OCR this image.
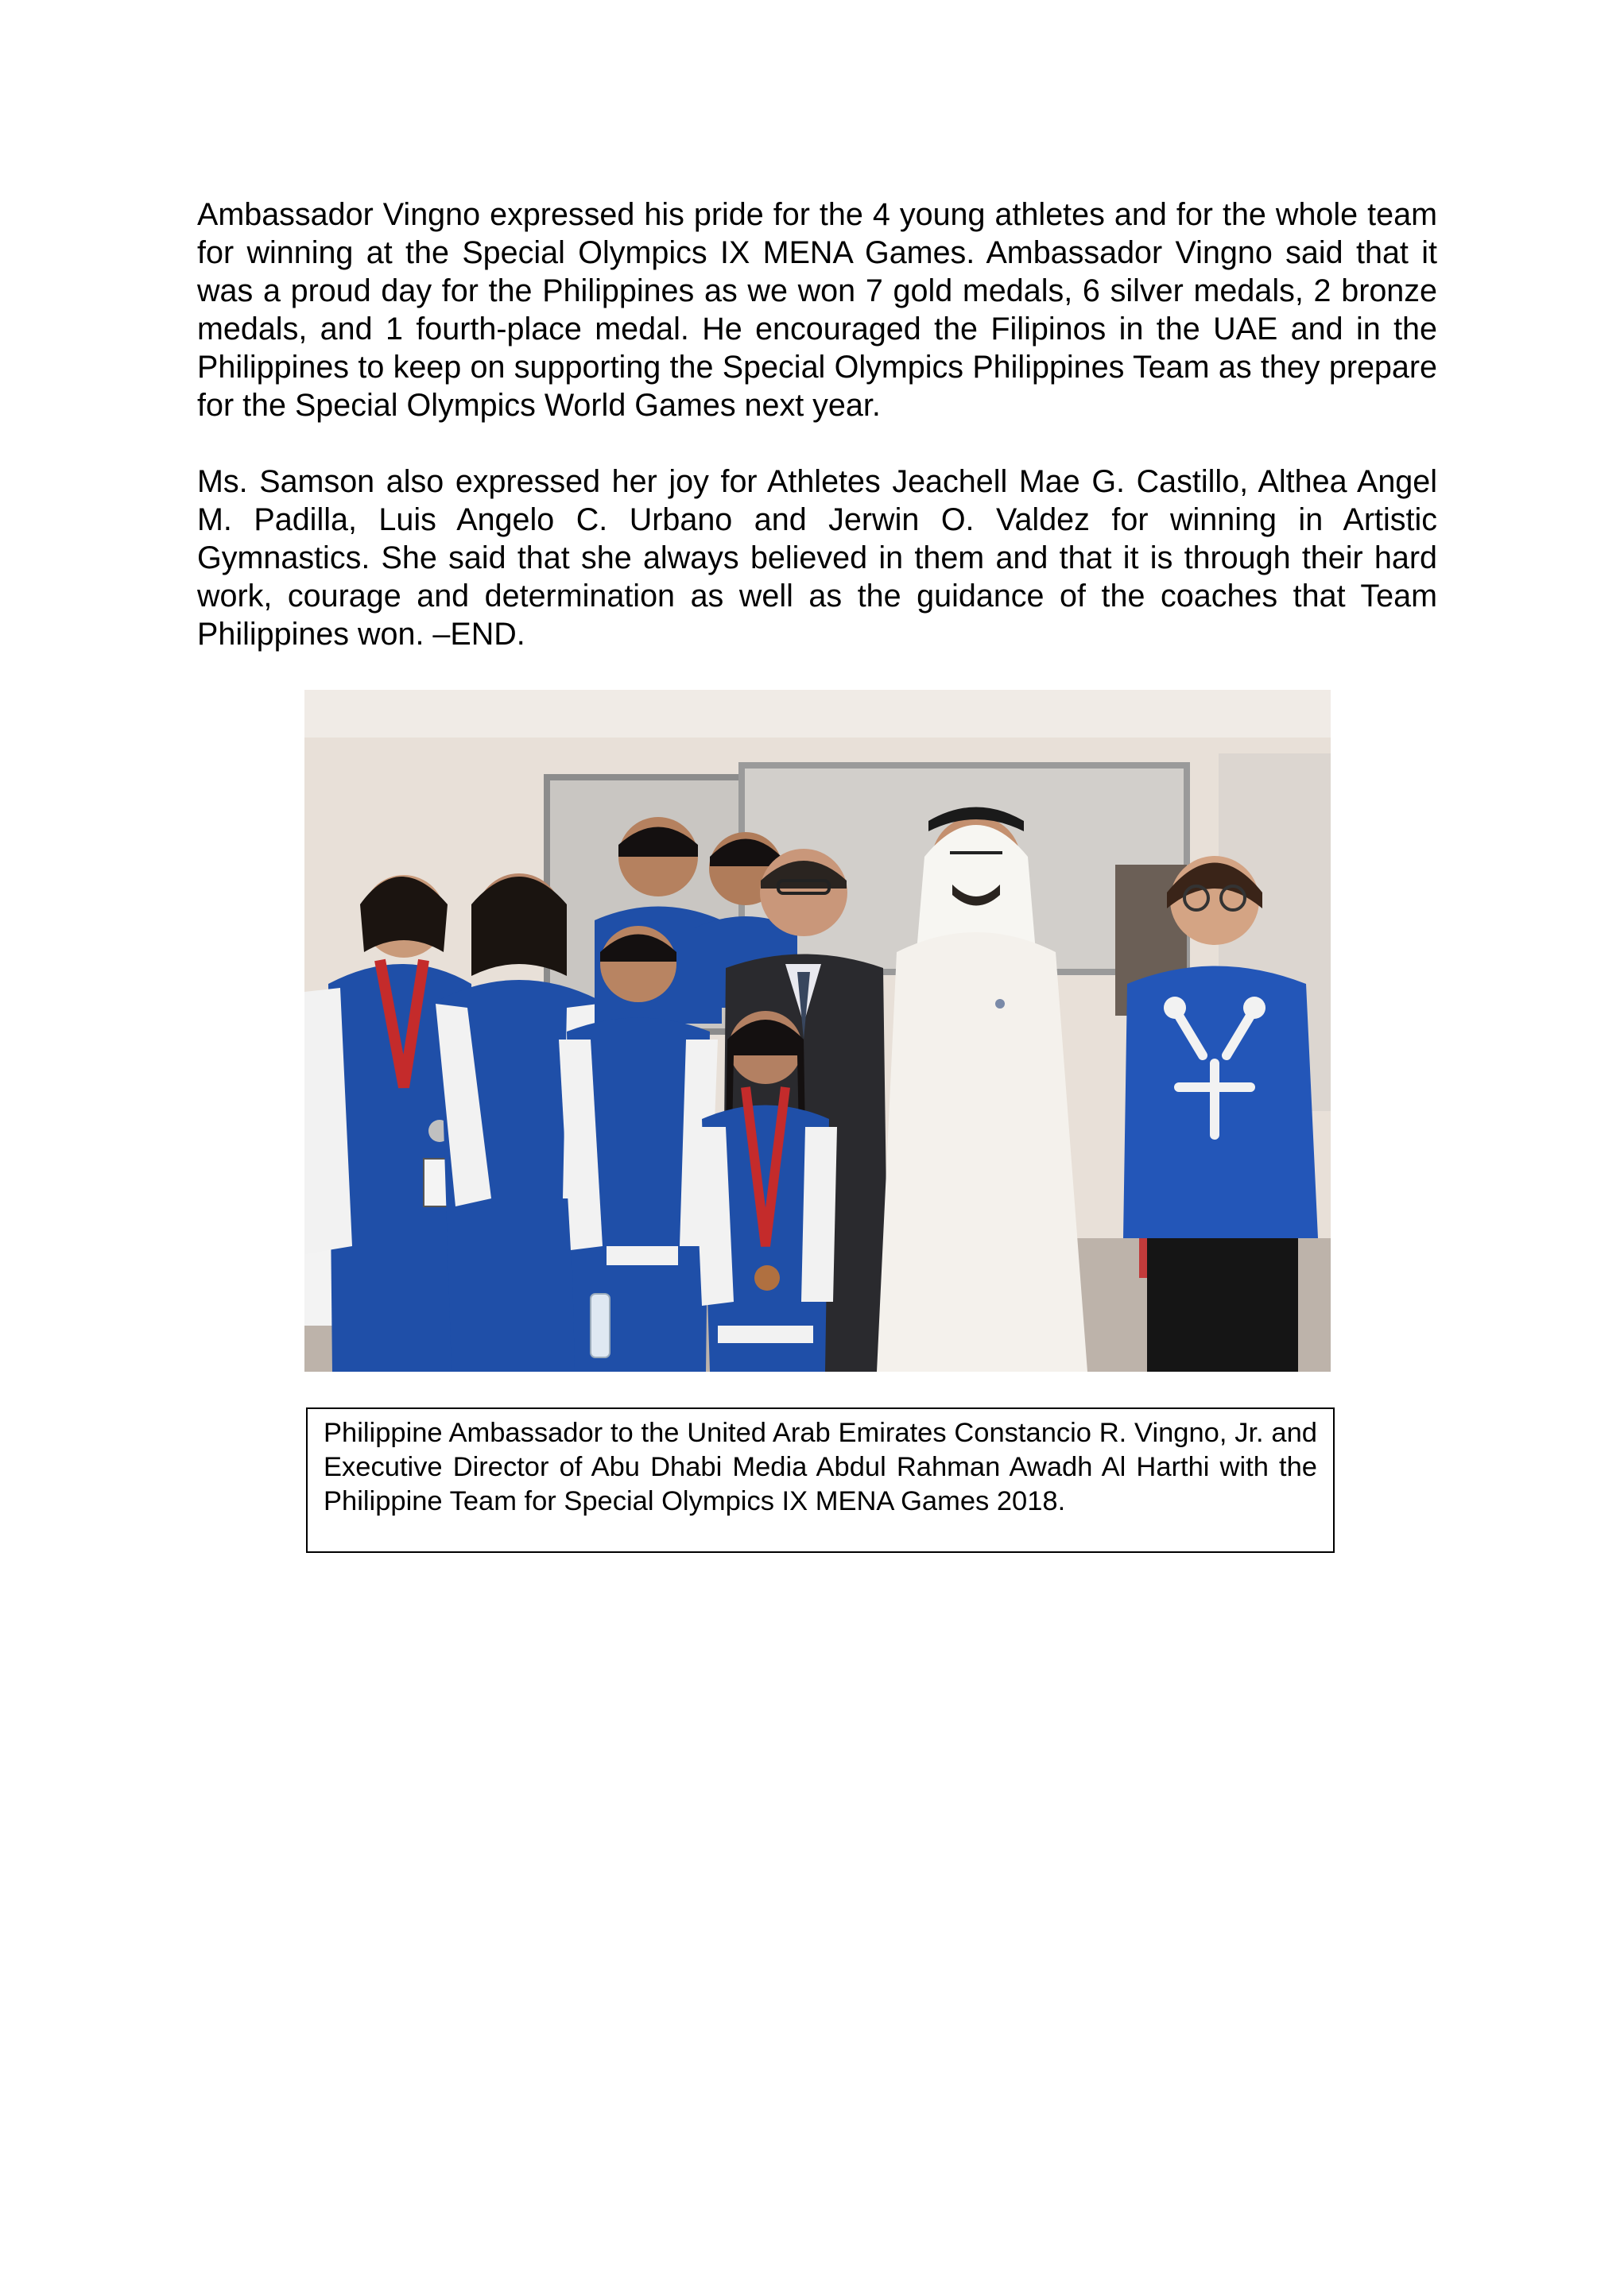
Ambassador Vingno expressed his pride for the 4 young athletes and for the whole team for winning at the Special Olympics IX MENA Games. Ambassador Vingno said that it was a proud day for the Philippines as we won 7 gold medals, 6 silver medals, 2 bronze medals, and 1 fourth-place medal. He encouraged the Filipinos in the UAE and in the Philippines to keep on supporting the Special Olympics Philippines Team as they prepare for the Special Olympics World Games next year.

Ms. Samson also expressed her joy for Athletes Jeachell Mae G. Castillo, Althea Angel M. Padilla, Luis Angelo C. Urbano and Jerwin O. Valdez for winning in Artistic Gymnastics. She said that she always believed in them and that it is through their hard work, courage and determination as well as the guidance of the coaches that Team Philippines won. –END.

Philippine Ambassador to the United Arab Emirates Constancio R. Vingno, Jr. and Executive Director of Abu Dhabi Media Abdul Rahman Awadh Al Harthi with the Philippine Team for Special Olympics IX MENA Games 2018.
